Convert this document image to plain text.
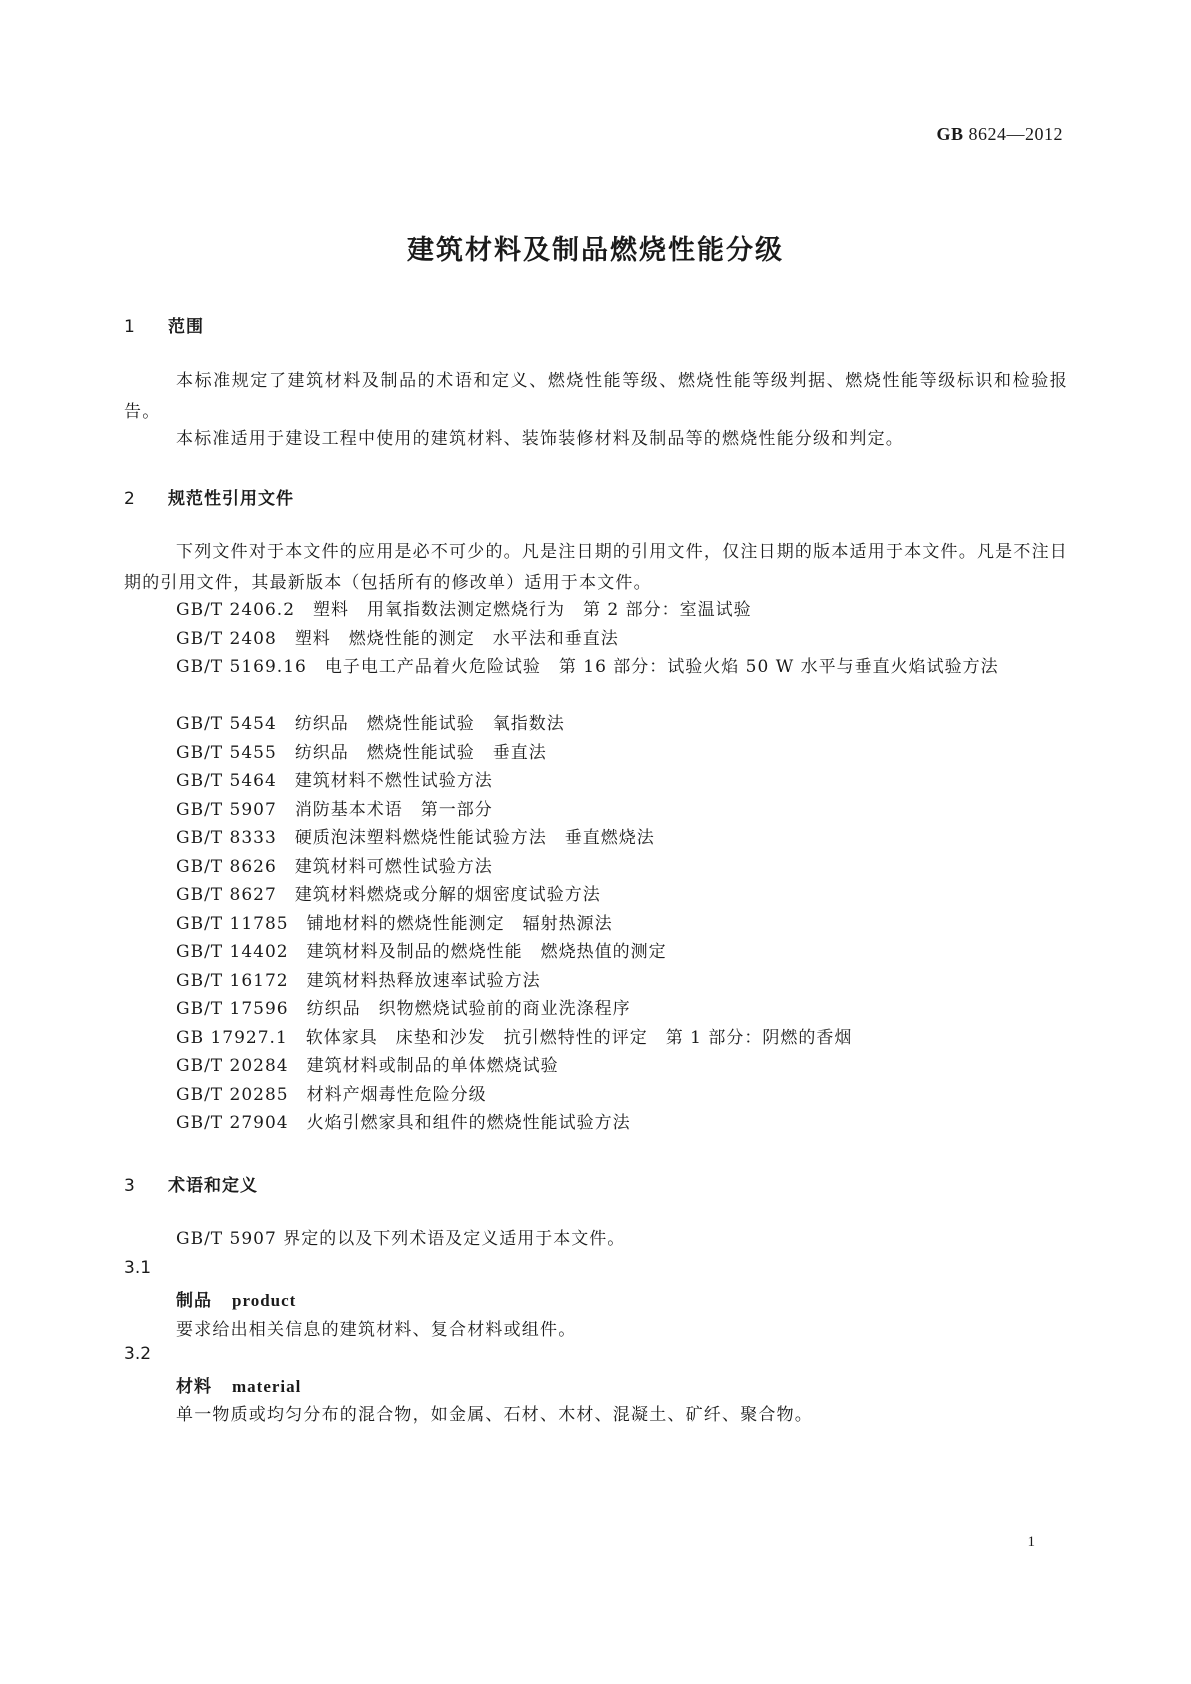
GB 8624—2012
建筑材料及制品燃烧性能分级
1 范围
本标准规定了建筑材料及制品的术语和定义、燃烧性能等级、燃烧性能等级判据、燃烧性能等级标识和检验报告。
本标准适用于建设工程中使用的建筑材料、装饰装修材料及制品等的燃烧性能分级和判定。
2 规范性引用文件
下列文件对于本文件的应用是必不可少的。凡是注日期的引用文件，仅注日期的版本适用于本文件。凡是不注日期的引用文件，其最新版本（包括所有的修改单）适用于本文件。
GB/T 2406.2 塑料　用氧指数法测定燃烧行为　第 2 部分：室温试验
GB/T 2408 塑料　燃烧性能的测定　水平法和垂直法
GB/T 5169.16 电子电工产品着火危险试验　第 16 部分：试验火焰 50 W 水平与垂直火焰试验方法
GB/T 5454 纺织品　燃烧性能试验　氧指数法
GB/T 5455 纺织品　燃烧性能试验　垂直法
GB/T 5464 建筑材料不燃性试验方法
GB/T 5907 消防基本术语　第一部分
GB/T 8333 硬质泡沫塑料燃烧性能试验方法　垂直燃烧法
GB/T 8626 建筑材料可燃性试验方法
GB/T 8627 建筑材料燃烧或分解的烟密度试验方法
GB/T 11785 铺地材料的燃烧性能测定　辐射热源法
GB/T 14402 建筑材料及制品的燃烧性能　燃烧热值的测定
GB/T 16172 建筑材料热释放速率试验方法
GB/T 17596 纺织品　织物燃烧试验前的商业洗涤程序
GB 17927.1 软体家具　床垫和沙发　抗引燃特性的评定　第 1 部分：阴燃的香烟
GB/T 20284 建筑材料或制品的单体燃烧试验
GB/T 20285 材料产烟毒性危险分级
GB/T 27904 火焰引燃家具和组件的燃烧性能试验方法
3 术语和定义
GB/T 5907 界定的以及下列术语及定义适用于本文件。
3.1
制品 product
要求给出相关信息的建筑材料、复合材料或组件。
3.2
材料 material
单一物质或均匀分布的混合物，如金属、石材、木材、混凝土、矿纤、聚合物。
1
